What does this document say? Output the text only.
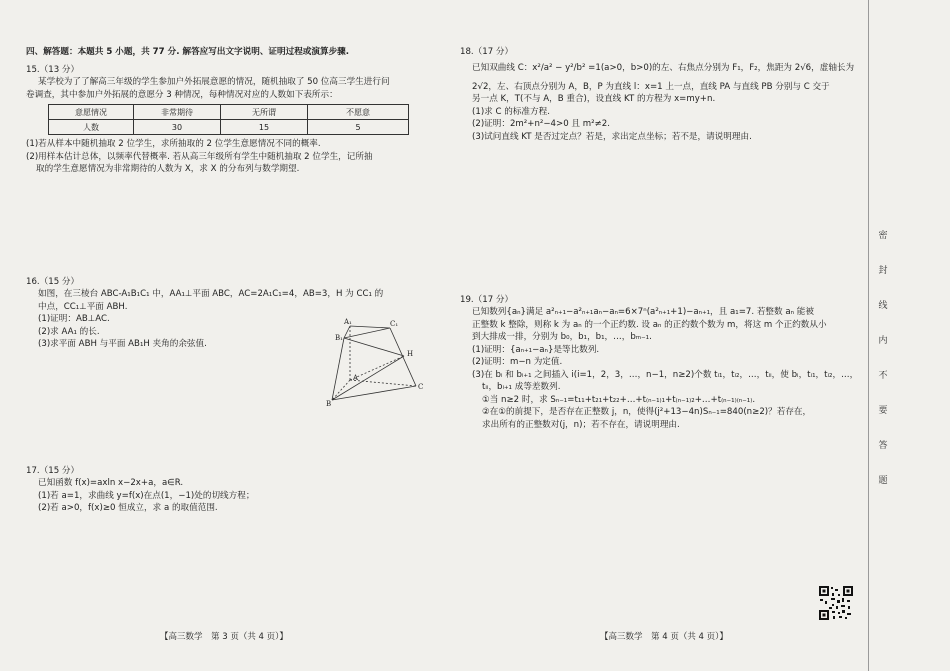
四、解答题：本题共 5 小题，共 77 分. 解答应写出文字说明、证明过程或演算步骤.
15.（13 分）
某学校为了了解高三年级的学生参加户外拓展意愿的情况，随机抽取了 50 位高三学生进行问
卷调查，其中参加户外拓展的意愿分 3 种情况，每种情况对应的人数如下表所示：
意愿情况	非常期待	无所谓	不愿意
人数	30	15	5
(1)若从样本中随机抽取 2 位学生，求所抽取的 2 位学生意愿情况不同的概率.
(2)用样本估计总体，以频率代替概率. 若从高三年级所有学生中随机抽取 2 位学生，记所抽
取的学生意愿情况为非常期待的人数为 X，求 X 的分布列与数学期望.
16.（15 分）
如图，在三棱台 ABC-A₁B₁C₁ 中，AA₁⊥平面 ABC，AC=2A₁C₁=4，AB=3，H 为 CC₁ 的
中点，CC₁⊥平面 ABH.
(1)证明：AB⊥AC.
(2)求 AA₁ 的长.
(3)求平面 ABH 与平面 AB₁H 夹角的余弦值.
A₁	C₁
B₁
H
A
C
B
17.（15 分）
已知函数 f(x)=axln x−2x+a，a∈R.
(1)若 a=1，求曲线 y=f(x)在点(1，−1)处的切线方程；
(2)若 a>0，f(x)≥0 恒成立，求 a 的取值范围.
【高三数学　第 3 页（共 4 页）】
18.（17 分）
已知双曲线 C：x²/a² − y²/b² =1(a>0，b>0)的左、右焦点分别为 F₁，F₂，焦距为 2√6，虚轴长为
2√2，左、右顶点分别为 A，B，P 为直线 l：x=1 上一点，直线 PA 与直线 PB 分别与 C 交于
另一点 K，T(不与 A，B 重合)，设直线 KT 的方程为 x=my+n.
(1)求 C 的标准方程.
(2)证明：2m²+n²−4>0 且 m²≠2.
(3)试问直线 KT 是否过定点？若是，求出定点坐标；若不是，请说明理由.
19.（17 分）
已知数列{aₙ}满足 a²ₙ₊₁−a²ₙ₊₁aₙ−aₙ=6×7ⁿ(a²ₙ₊₁+1)−aₙ₊₁，且 a₁=7. 若整数 aₙ 能被
正整数 k 整除，则称 k 为 aₙ 的一个正约数. 设 aₙ 的正约数个数为 m，将这 m 个正约数从小
到大排成一排，分别为 b₀，b₁，b₁，…，bₘ₋₁.
(1)证明：{aₙ₊₁−aₙ}是等比数列.
(2)证明：m−n 为定值.
(3)在 bᵢ 和 bᵢ₊₁ 之间插入 i(i=1，2，3，…，n−1，n≥2)个数 tᵢ₁，tᵢ₂，…，tᵢᵢ，使 bᵢ，tᵢ₁，tᵢ₂，…，
tᵢᵢ，bᵢ₊₁ 成等差数列.
①当 n≥2 时，求 Sₙ₋₁=t₁₁+t₂₁+t₂₂+…+t₍ₙ₋₁₎₁+t₍ₙ₋₁₎₂+…+t₍ₙ₋₁₎₍ₙ₋₁₎.
②在①的前提下，是否存在正整数 j，n，使得(j²+13−4n)Sₙ₋₁=840(n≥2)？若存在，
求出所有的正整数对(j，n)；若不存在，请说明理由.
【高三数学　第 4 页（共 4 页）】
密
封
线
内
不
要
答
题
